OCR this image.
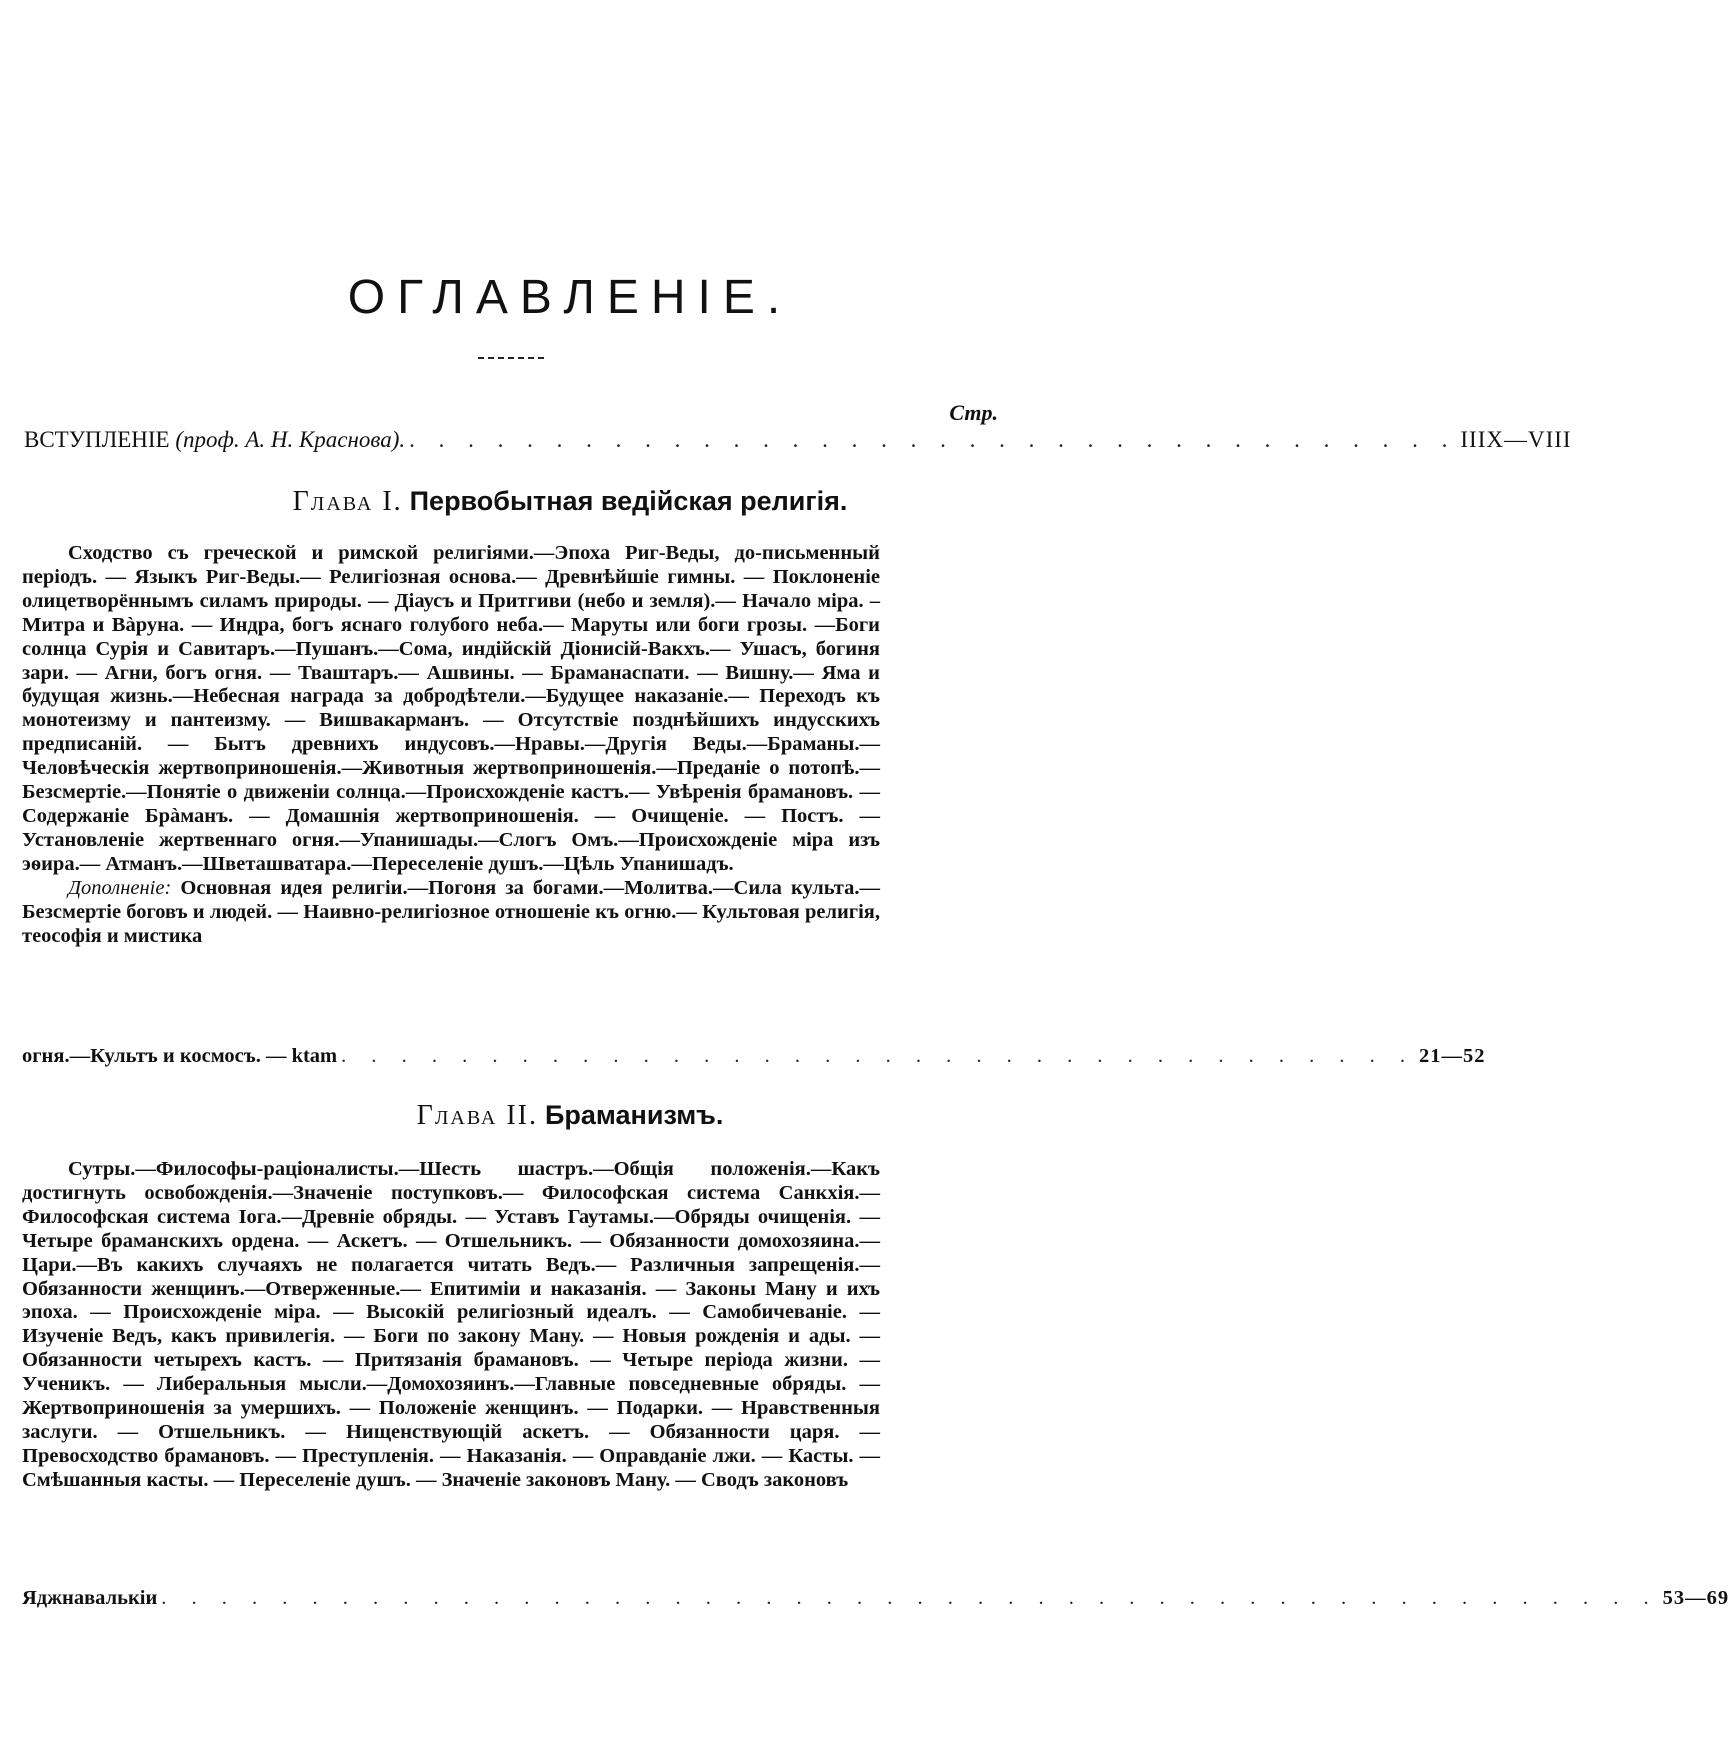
ОГЛАВЛЕНІЕ.
Стр.
ВСТУПЛЕНІЕ (проф. А. Н. Краснова). . . . . . . . . . . . . . . . . . . . . . . . . . . . . . . . . . . . . IIIX—VIII
Глава I. Первобытная ведійская религія.

Сходство съ греческой и римской религіями.—Эпоха Риг-Веды, до-письменный періодъ. — Языкъ Риг-Веды.— Религіозная основа.— Древнѣйшіе гимны. — Поклоненіе олицетворённымъ силамъ природы. — Діаусъ и Притгиви (небо и земля).— Начало міра. – Митра и Вàруна. — Индра, богъ яснаго голубого неба.— Маруты или боги грозы. —Боги солнца Сурія и Савитаръ.—Пушанъ.—Сома, индійскій Діонисій-Вакхъ.— Ушасъ, богиня зари. — Агни, богъ огня. — Тваштаръ.— Ашвины. — Браманаспати. — Вишну.— Яма и будущая жизнь.—Небесная награда за добродѣтели.—Будущее наказаніе.— Переходъ къ монотеизму и пантеизму. — Вишвакарманъ. — Отсутствіе позднѣйшихъ индусскихъ предписаній. — Бытъ древнихъ индусовъ.—Нравы.—Другія Веды.—Браманы.—Человѣческія жертвоприношенія.—Животныя жертвоприношенія.—Преданіе о потопѣ.— Безсмертіе.—Понятіе о движеніи солнца.—Происхожденіе кастъ.— Увѣренія брамановъ. — Содержаніе Брàманъ. — Домашнія жертвоприношенія. — Очищеніе. — Постъ. — Установленіе жертвеннаго огня.—Упанишады.—Слогъ Омъ.—Происхожденіе міра изъ эѳира.— Атманъ.—Шветашватара.—Переселеніе душъ.—Цѣль Упанишадъ.

Дополненіе: Основная идея религіи.—Погоня за богами.—Молитва.—Сила культа.— Безсмертіе боговъ и людей. — Наивно-религіозное отношеніе къ огню.— Культовая религія, теософія и мистика

огня.—Культъ и космосъ. — ktam . . . . . . . . . . . . . . . . . . . . . . . . . . . . . . . . . . . . 21—52
Глава II. Браманизмъ.

Сутры.—Философы-раціоналисты.—Шесть шастръ.—Общія положенія.—Какъ достигнуть освобожденія.—Значеніе поступковъ.— Философская система Санкхія.— Философская система Іога.—Древніе обряды. — Уставъ Гаутамы.—Обряды очищенія. — Четыре браманскихъ ордена. — Аскетъ. — Отшельникъ. — Обязанности домохозяина.—Цари.—Въ какихъ случаяхъ не полагается читать Ведъ.— Различныя запрещенія.—Обязанности женщинъ.—Отверженные.— Епитиміи и наказанія. — Законы Ману и ихъ эпоха. — Происхожденіе міра. — Высокій религіозный идеалъ. — Самобичеваніе. — Изученіе Ведъ, какъ привилегія. — Боги по закону Ману. — Новыя рожденія и ады. — Обязанности четырехъ кастъ. — Притязанія брамановъ. — Четыре періода жизни. — Ученикъ. — Либеральныя мысли.—Домохозяинъ.—Главные повседневные обряды. —Жертвоприношенія за умершихъ. — Положеніе женщинъ. — Подарки. — Нравственныя заслуги. — Отшельникъ. — Нищенствующій аскетъ. — Обязанности царя. — Превосходство брамановъ. — Преступленія. — Наказанія. — Оправданіе лжи. — Касты. — Смѣшанныя касты. — Переселеніе душъ. — Значеніе законовъ Ману. — Сводъ законовъ

Яджнавалькіи . . . . . . . . . . . . . . . . . . . . . . . . . . . . . . . . . . . . . . . . . . . . . . . . . . 53—69
